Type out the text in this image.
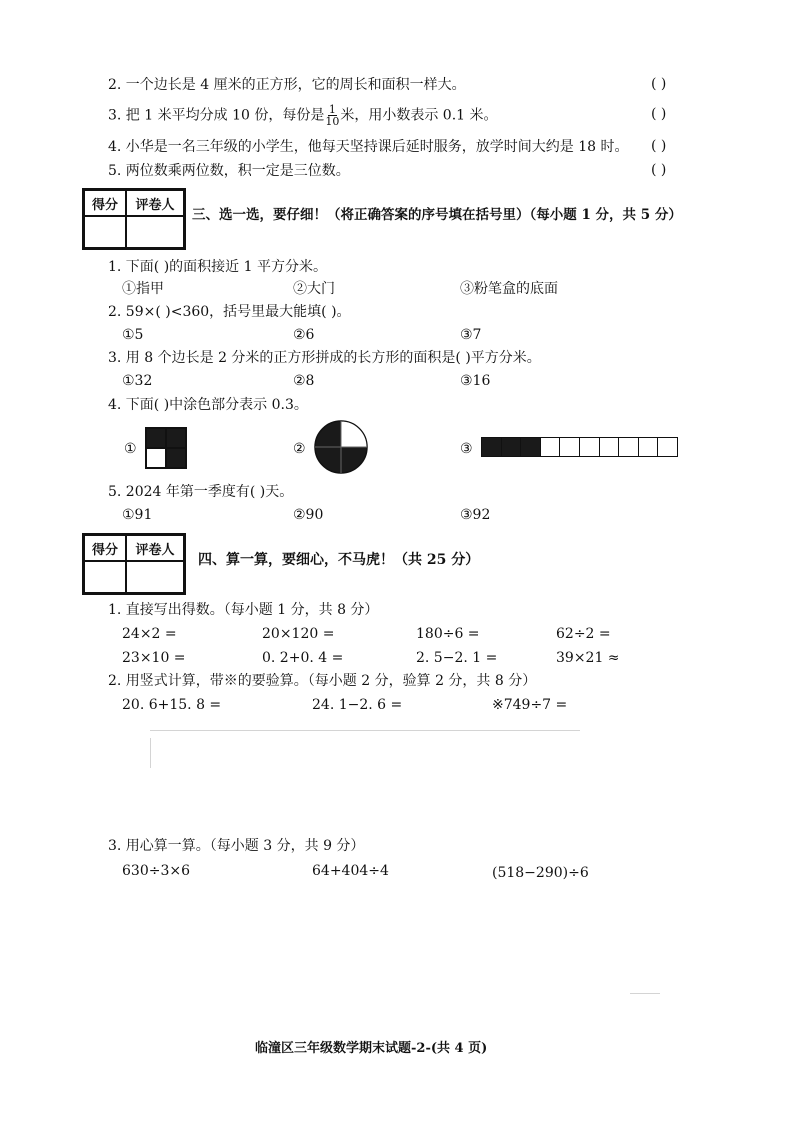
2. 一个边长是 4 厘米的正方形，它的周长和面积一样大。	( )
3. 把 1 米平均分成 10 份，每份是 $\frac{1}{10}$ 米，用小数表示 0.1 米。	( )
4. 小华是一名三年级的小学生，他每天坚持课后延时服务，放学时间大约是 18 时。 ( )
5. 两位数乘两位数，积一定是三位数。	( )
得分	评卷人
三、选一选，要仔细！（将正确答案的序号填在括号里）（每小题 1 分，共 5 分）
1. 下面( )的面积接近 1 平方分米。
①指甲	②大门	③粉笔盒的底面
2. 59×( )<360，括号里最大能填( )。
①5	②6	③7
3. 用 8 个边长是 2 分米的正方形拼成的长方形的面积是( )平方分米。
①32	②8	③16
4. 下面( )中涂色部分表示 0.3。
①	②	③
5. 2024 年第一季度有( )天。
①91	②90	③92
得分	评卷人
四、算一算，要细心，不马虎！（共 25 分）
1. 直接写出得数。（每小题 1 分，共 8 分）
24×2 =	20×120 =	180÷6 =	62÷2 =
23×10 =	0. 2+0. 4 =	2. 5−2. 1 =	39×21 ≈
2. 用竖式计算，带※的要验算。（每小题 2 分，验算 2 分，共 8 分）
20. 6+15. 8 =	24. 1−2. 6 =	※749÷7 =
3. 用心算一算。（每小题 3 分，共 9 分）
630÷3×6	64+404÷4	(518−290)÷6
临潼区三年级数学期末试题-2-(共 4 页)
